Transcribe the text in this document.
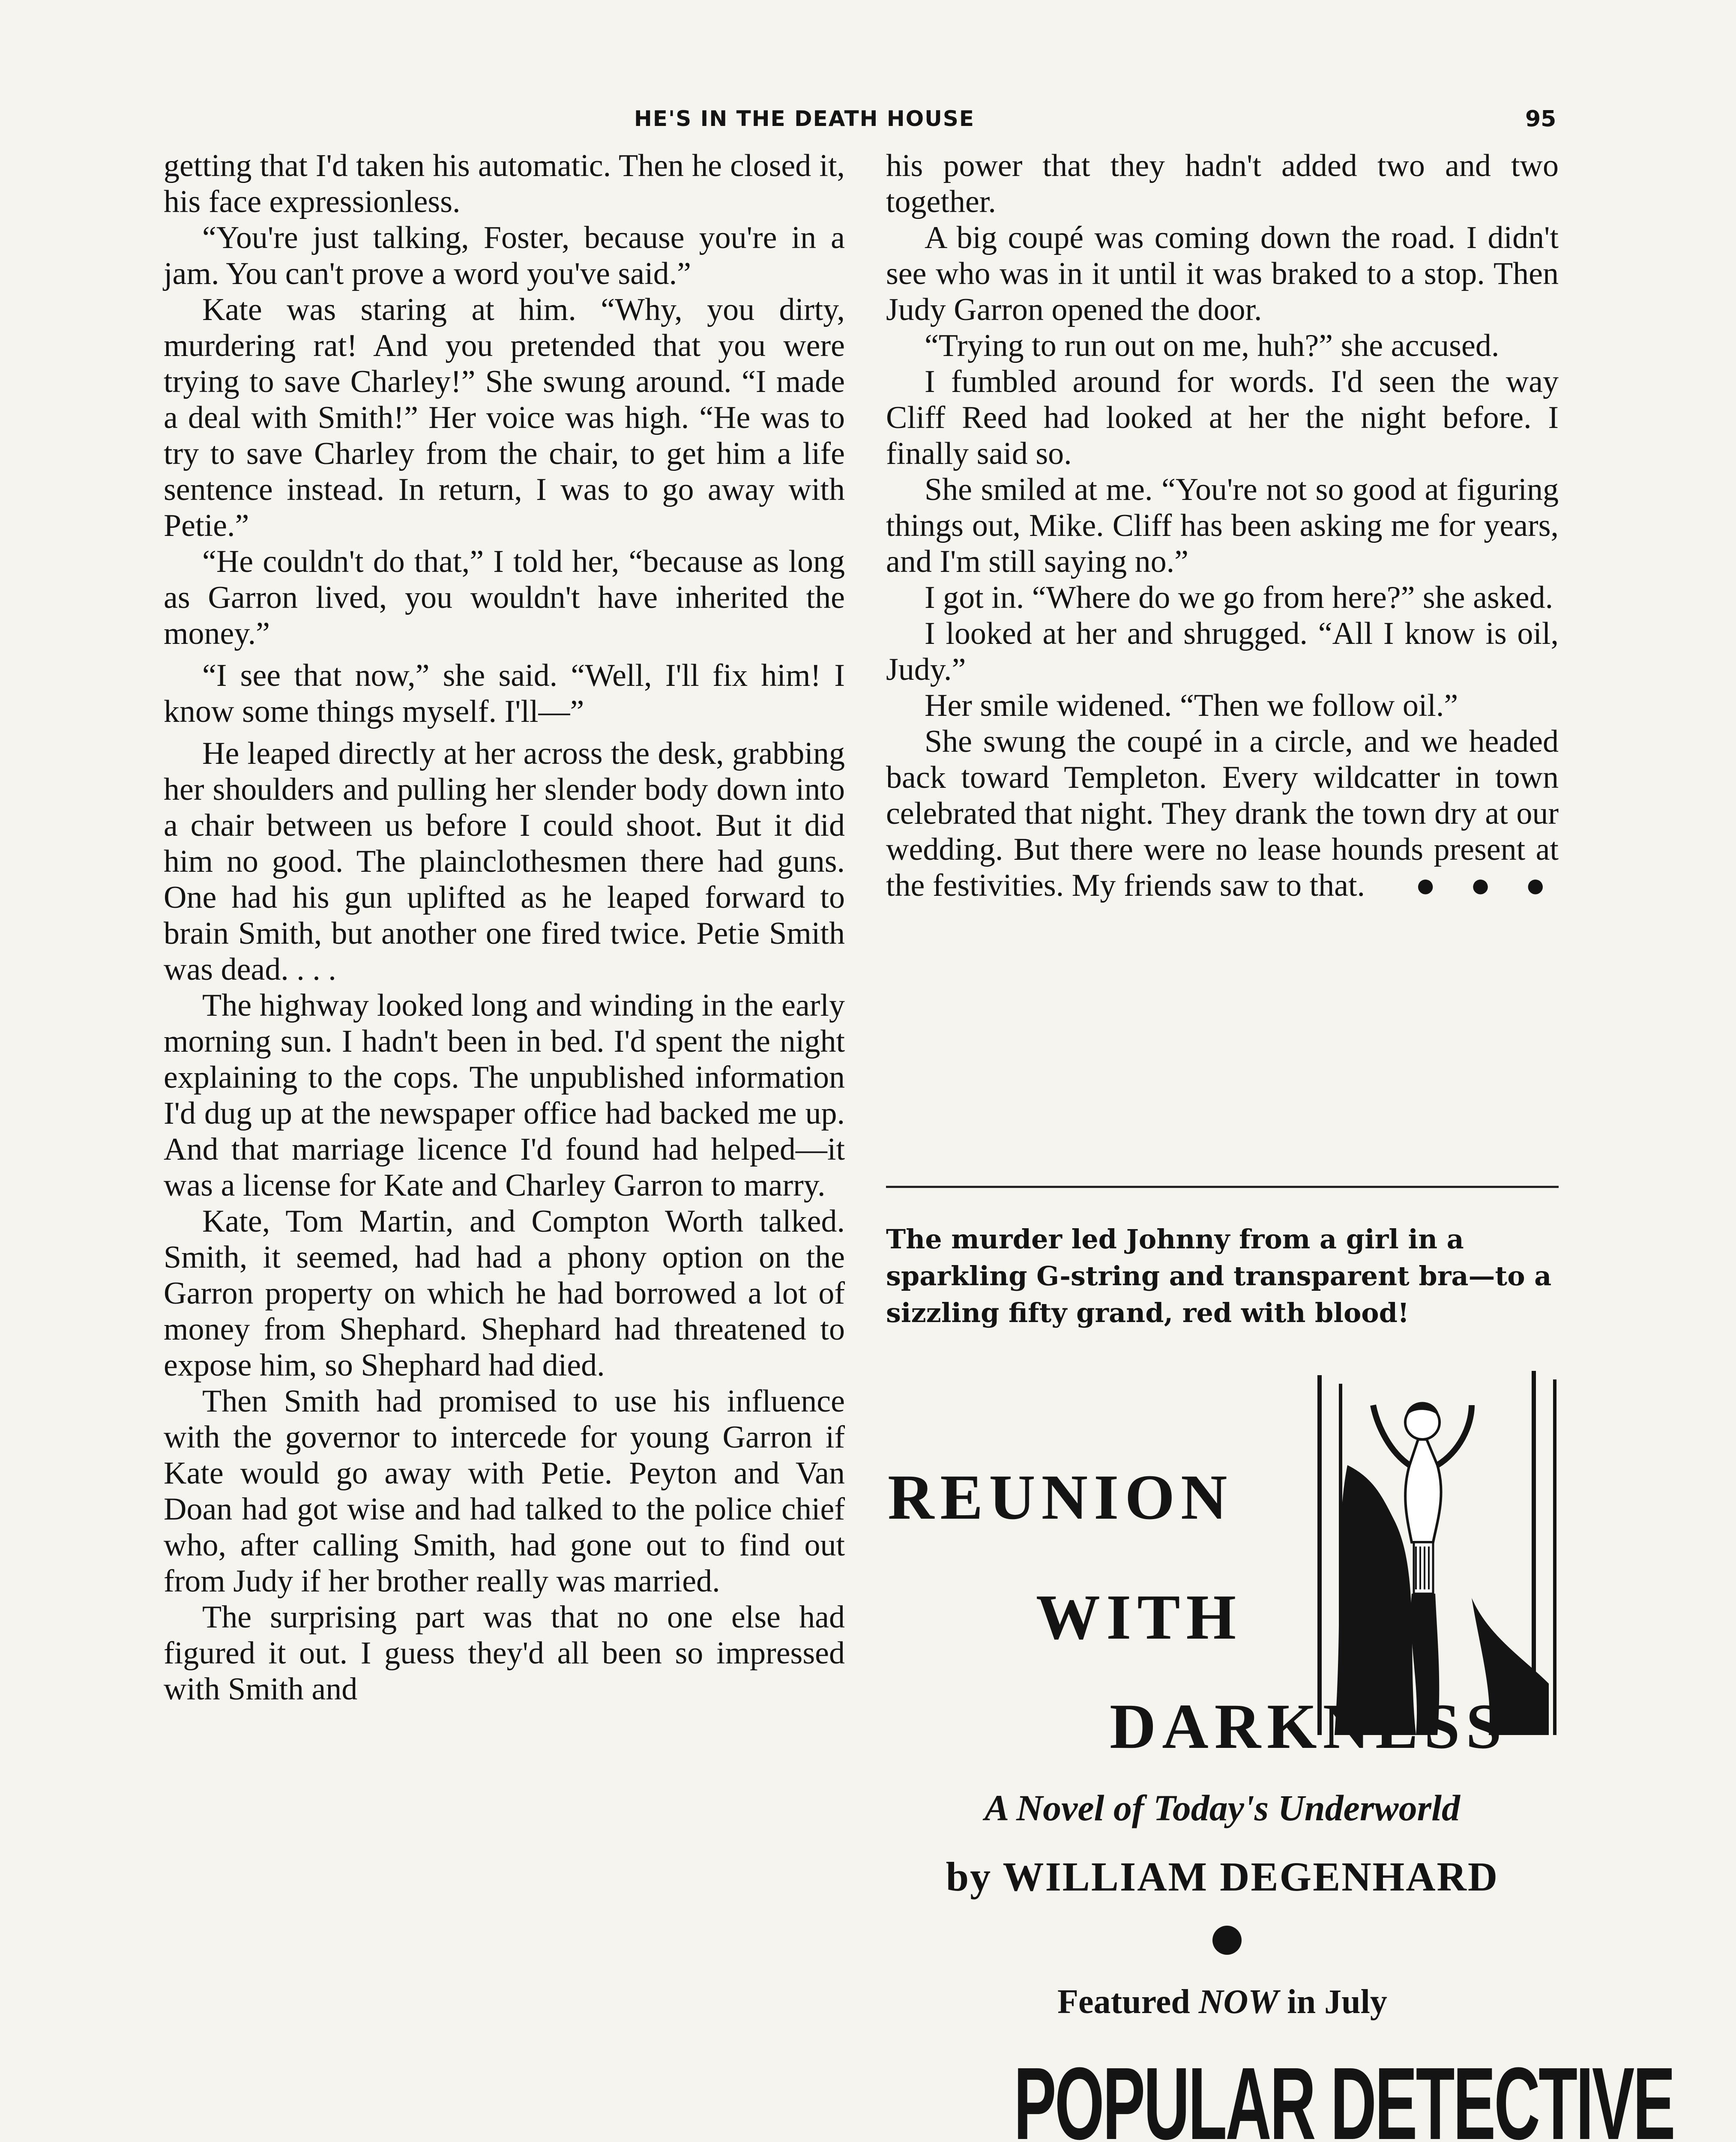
HE'S IN THE DEATH HOUSE	95

getting that I'd taken his automatic. Then he closed it, his face expressionless.

“You're just talking, Foster, because you're in a jam. You can't prove a word you've said.”

Kate was staring at him. “Why, you dirty, murdering rat! And you pretended that you were trying to save Charley!” She swung around. “I made a deal with Smith!” Her voice was high. “He was to try to save Charley from the chair, to get him a life sentence instead. In return, I was to go away with Petie.”

“He couldn't do that,” I told her, “because as long as Garron lived, you wouldn't have inherited the money.”

“I see that now,” she said. “Well, I'll fix him! I know some things myself. I'll—”

He leaped directly at her across the desk, grabbing her shoulders and pulling her slender body down into a chair between us before I could shoot. But it did him no good. The plainclothesmen there had guns. One had his gun uplifted as he leaped forward to brain Smith, but another one fired twice. Petie Smith was dead. . . .

The highway looked long and winding in the early morning sun. I hadn't been in bed. I'd spent the night explaining to the cops. The unpublished information I'd dug up at the newspaper office had backed me up. And that marriage licence I'd found had helped—it was a license for Kate and Charley Garron to marry.

Kate, Tom Martin, and Compton Worth talked. Smith, it seemed, had had a phony option on the Garron property on which he had borrowed a lot of money from Shephard. Shephard had threatened to expose him, so Shephard had died.

Then Smith had promised to use his influence with the governor to intercede for young Garron if Kate would go away with Petie. Peyton and Van Doan had got wise and had talked to the police chief who, after calling Smith, had gone out to find out from Judy if her brother really was married.

The surprising part was that no one else had figured it out. I guess they'd all been so impressed with Smith and

his power that they hadn't added two and two together.

A big coupé was coming down the road. I didn't see who was in it until it was braked to a stop. Then Judy Garron opened the door.

“Trying to run out on me, huh?” she accused.

I fumbled around for words. I'd seen the way Cliff Reed had looked at her the night before. I finally said so.

She smiled at me. “You're not so good at figuring things out, Mike. Cliff has been asking me for years, and I'm still saying no.”

I got in. “Where do we go from here?” she asked.

I looked at her and shrugged. “All I know is oil, Judy.”

Her smile widened. “Then we follow oil.”

She swung the coupé in a circle, and we headed back toward Templeton. Every wildcatter in town celebrated that night. They drank the town dry at our wedding. But there were no lease hounds present at the festivities. My friends saw to that.	● ● ●

The murder led Johnny from a girl in a sparkling G-string and transparent bra—to a sizzling fifty grand, red with blood!
REUNION
WITH
DARKNESS
A Novel of Today's Underworld
by WILLIAM DEGENHARD
Featured NOW in July
POPULAR DETECTIVE
